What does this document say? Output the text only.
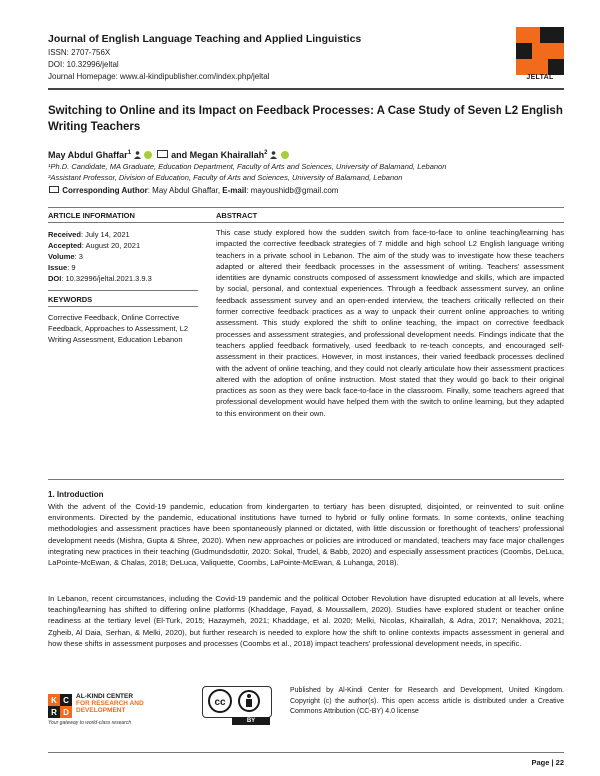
Journal of English Language Teaching and Applied Linguistics
ISSN: 2707-756X
DOI: 10.32996/jeltal
Journal Homepage: www.al-kindipublisher.com/index.php/jeltal	JELTAL
Switching to Online and its Impact on Feedback Processes: A Case Study of Seven L2 English Writing Teachers
May Abdul Ghaffar$^1$	and Megan Khairallah$^2$
¹Ph.D. Candidate, MA Graduate, Education Department, Faculty of Arts and Sciences, University of Balamand, Lebanon
²Assistant Professor, Division of Education, Faculty of Arts and Sciences, University of Balamand, Lebanon
Corresponding Author: May Abdul Ghaffar, E-mail: mayoushidb@gmail.com
ARTICLE INFORMATION	ABSTRACT
Received: July 14, 2021
Accepted: August 20, 2021
Volume: 3
Issue: 9
DOI: 10.32996/jeltal.2021.3.9.3
KEYWORDS
Corrective Feedback, Online Corrective Feedback, Approaches to Assessment, L2 Writing Assessment, Education Lebanon
This case study explored how the sudden switch from face-to-face to online teaching/learning has impacted the corrective feedback strategies of 7 middle and high school L2 English language writing teachers in a private school in Lebanon. The aim of the study was to investigate how these teachers adapted or altered their feedback processes in the assessment of writing. Teachers' assessment identities are dynamic constructs composed of assessment knowledge and skills, which are impacted by social, personal, and contextual experiences. Through a feedback assessment survey, an online feedback assessment survey and an open-ended interview, the teachers critically reflected on their former corrective feedback practices as a way to unpack their current online approaches to writing assessment. This study explored the shift to online teaching, the impact on corrective feedback processes and assessment strategies, and professional development needs. Findings indicate that the teachers applied feedback formatively, used feedback to re-teach concepts, and encouraged self-assessment in their practices. However, in most instances, their varied feedback processes declined with the advent of online teaching, and they could not clearly articulate how their assessment practices altered with the adoption of online instruction. Most stated that they would go back to their original practices as soon as they were back face-to-face in the classroom. Finally, some teachers agreed that professional development would have helped them with the switch to online learning, but they adapted to this environment on their own.
1. Introduction
With the advent of the Covid-19 pandemic, education from kindergarten to tertiary has been disrupted, disjointed, or reinvented to suit online environments. Directed by the pandemic, educational institutions have turned to hybrid or fully online formats. In some contexts, online teaching methodologies and assessment practices have been spontaneously planned or dictated, with little discussion or forethought of teachers' professional development needs (Mishra, Gupta & Shree, 2020). When new approaches or policies are introduced or mandated, teachers may face major challenges integrating new practices in their teaching (Gudmundsdottir, 2020: Sokal, Trudel, & Babb, 2020) and especially assessment practices (Coombs, DeLuca, LaPointe-McEwan, & Chalas, 2018; DeLuca, Valiquette, Coombs, LaPointe-McEwan, & Luhanga, 2018).
In Lebanon, recent circumstances, including the Covid-19 pandemic and the political October Revolution have disrupted education at all levels, where teaching/learning has shifted to differing online platforms (Khaddage, Fayad, & Moussallem, 2020). Studies have explored student or teacher online readiness at the tertiary level (El-Turk, 2015; Hazaymeh, 2021; Khaddage, et al. 2020; Melki, Nicolas, Khairallah, & Adra, 2017; Nenakhova, 2021; Zgheib, Al Daia, Serhan, & Melki, 2020), but further research is needed to explore how the shift to online contexts impacts assessment in general and how these shifts in assessment purposes and processes (Coombs et al., 2018) impact teachers' professional development needs, in specific.
K C
R D
AL-KINDI CENTER
FOR RESEARCH AND
DEVELOPMENT
Your gateway to world-class research
cc
BY
Published by Al-Kindi Center for Research and Development, United Kingdom. Copyright (c) the author(s). This open access article is distributed under a Creative Commons Attribution (CC-BY) 4.0 license
Page | 22
